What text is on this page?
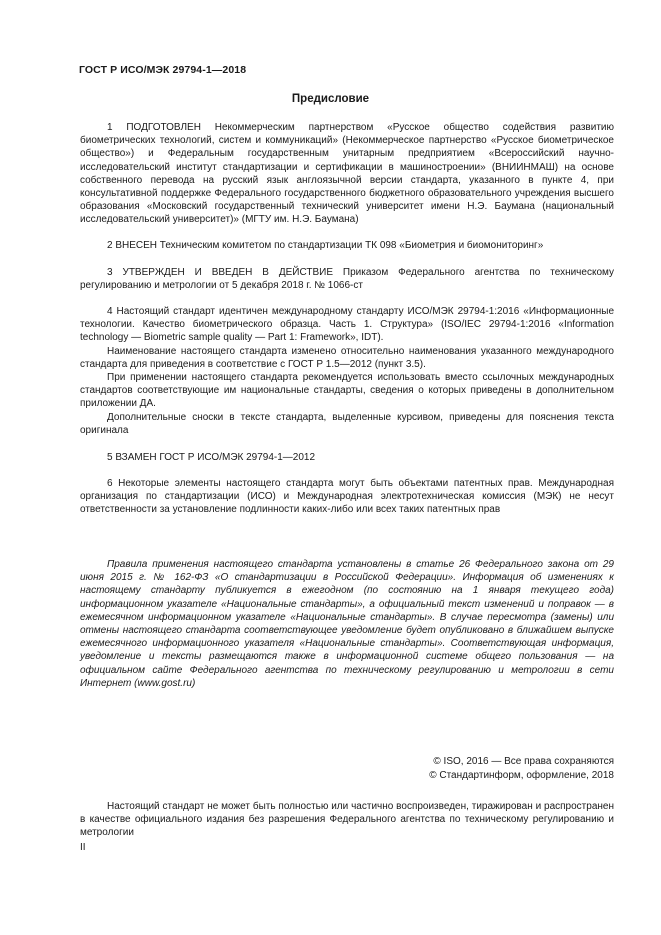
ГОСТ Р ИСО/МЭК 29794-1—2018
Предисловие

1 ПОДГОТОВЛЕН Некоммерческим партнерством «Русское общество содействия развитию биометрических технологий, систем и коммуникаций» (Некоммерческое партнерство «Русское биометрическое общество») и Федеральным государственным унитарным предприятием «Всероссийский научно-исследовательский институт стандартизации и сертификации в машиностроении» (ВНИИНМАШ) на основе собственного перевода на русский язык англоязычной версии стандарта, указанного в пункте 4, при консультативной поддержке Федерального государственного бюджетного образовательного учреждения высшего образования «Московский государственный технический университет имени Н.Э. Баумана (национальный исследовательский университет)» (МГТУ им. Н.Э. Баумана)

2 ВНЕСЕН Техническим комитетом по стандартизации ТК 098 «Биометрия и биомониторинг»

3 УТВЕРЖДЕН И ВВЕДЕН В ДЕЙСТВИЕ Приказом Федерального агентства по техническому регулированию и метрологии от 5 декабря 2018 г. № 1066-ст

4 Настоящий стандарт идентичен международному стандарту ИСО/МЭК 29794-1:2016 «Информационные технологии. Качество биометрического образца. Часть 1. Структура» (ISO/IEC 29794-1:2016 «Information technology — Biometric sample quality — Part 1: Framework», IDT).

Наименование настоящего стандарта изменено относительно наименования указанного международного стандарта для приведения в соответствие с ГОСТ Р 1.5—2012 (пункт 3.5).

При применении настоящего стандарта рекомендуется использовать вместо ссылочных международных стандартов соответствующие им национальные стандарты, сведения о которых приведены в дополнительном приложении ДА.

Дополнительные сноски в тексте стандарта, выделенные курсивом, приведены для пояснения текста оригинала

5 ВЗАМЕН ГОСТ Р ИСО/МЭК 29794-1—2012

6 Некоторые элементы настоящего стандарта могут быть объектами патентных прав. Международная организация по стандартизации (ИСО) и Международная электротехническая комиссия (МЭК) не несут ответственности за установление подлинности каких-либо или всех таких патентных прав

Правила применения настоящего стандарта установлены в статье 26 Федерального закона от 29 июня 2015 г. № 162-ФЗ «О стандартизации в Российской Федерации». Информация об изменениях к настоящему стандарту публикуется в ежегодном (по состоянию на 1 января текущего года) информационном указателе «Национальные стандарты», а официальный текст изменений и поправок — в ежемесячном информационном указателе «Национальные стандарты». В случае пересмотра (замены) или отмены настоящего стандарта соответствующее уведомление будет опубликовано в ближайшем выпуске ежемесячного информационного указателя «Национальные стандарты». Соответствующая информация, уведомление и тексты размещаются также в информационной системе общего пользования — на официальном сайте Федерального агентства по техническому регулированию и метрологии в сети Интернет (www.gost.ru)

© ISO, 2016 — Все права сохраняются
© Стандартинформ, оформление, 2018

Настоящий стандарт не может быть полностью или частично воспроизведен, тиражирован и распространен в качестве официального издания без разрешения Федерального агентства по техническому регулированию и метрологии

II
